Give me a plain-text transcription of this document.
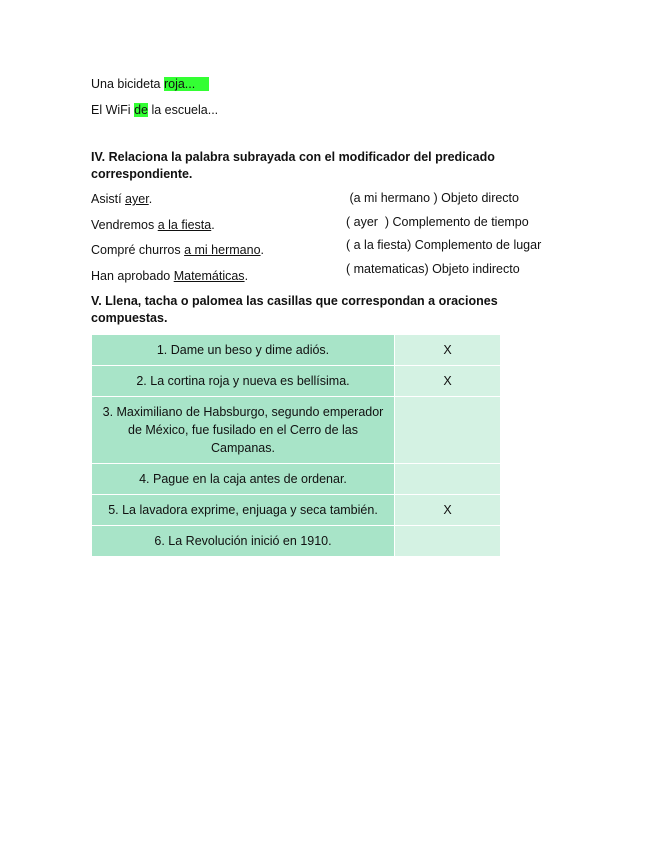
Una bicideta roja...
El WiFi de la escuela...
IV. Relaciona la palabra subrayada con el modificador del predicado correspondiente.
Asistí ayer.
Vendremos a la fiesta.
Compré churros a mi hermano.
Han aprobado Matemáticas.
(a mi hermano ) Objeto directo
( ayer  ) Complemento de tiempo
( a la fiesta) Complemento de lugar
( matematicas) Objeto indirecto
V. Llena, tacha o palomea las casillas que correspondan a oraciones compuestas.
1. Dame un beso y dime adiós.	X
2. La cortina roja y nueva es bellísima.	X
3. Maximiliano de Habsburgo, segundo emperador de México, fue fusilado en el Cerro de las Campanas.	
4. Pague en la caja antes de ordenar.	
5. La lavadora exprime, enjuaga y seca también.	X
6. La Revolución inició en 1910.	
